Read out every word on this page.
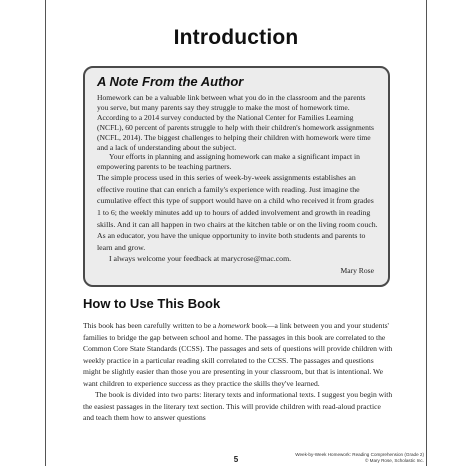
Introduction
A Note From the Author

Homework can be a valuable link between what you do in the classroom and the parents you serve, but many parents say they struggle to make the most of homework time. According to a 2014 survey conducted by the National Center for Families Learning (NCFL), 60 percent of parents struggle to help with their children's homework assignments (NCFL, 2014). The biggest challenges to helping their children with homework were time and a lack of understanding about the subject.

Your efforts in planning and assigning homework can make a significant impact in empowering parents to be teaching partners.

The simple process used in this series of week-by-week assignments establishes an effective routine that can enrich a family's experience with reading. Just imagine the cumulative effect this type of support would have on a child who received it from grades 1 to 6; the weekly minutes add up to hours of added involvement and growth in reading skills. And it can all happen in two chairs at the kitchen table or on the living room couch. As an educator, you have the unique opportunity to invite both students and parents to learn and grow.

I always welcome your feedback at marycrose@mac.com.

Mary Rose
How to Use This Book

This book has been carefully written to be a homework book—a link between you and your students' families to bridge the gap between school and home. The passages in this book are correlated to the Common Core State Standards (CCSS). The passages and sets of questions will provide children with weekly practice in a particular reading skill correlated to the CCSS. The passages and questions might be slightly easier than those you are presenting in your classroom, but that is intentional. We want children to experience success as they practice the skills they've learned.

The book is divided into two parts: literary texts and informational texts. I suggest you begin with the easiest passages in the literary text section. This will provide children with read-aloud practice and teach them how to answer questions

5
Week-by-Week Homework: Reading Comprehension (Grade 2)
© Mary Rose, Scholastic Inc.
